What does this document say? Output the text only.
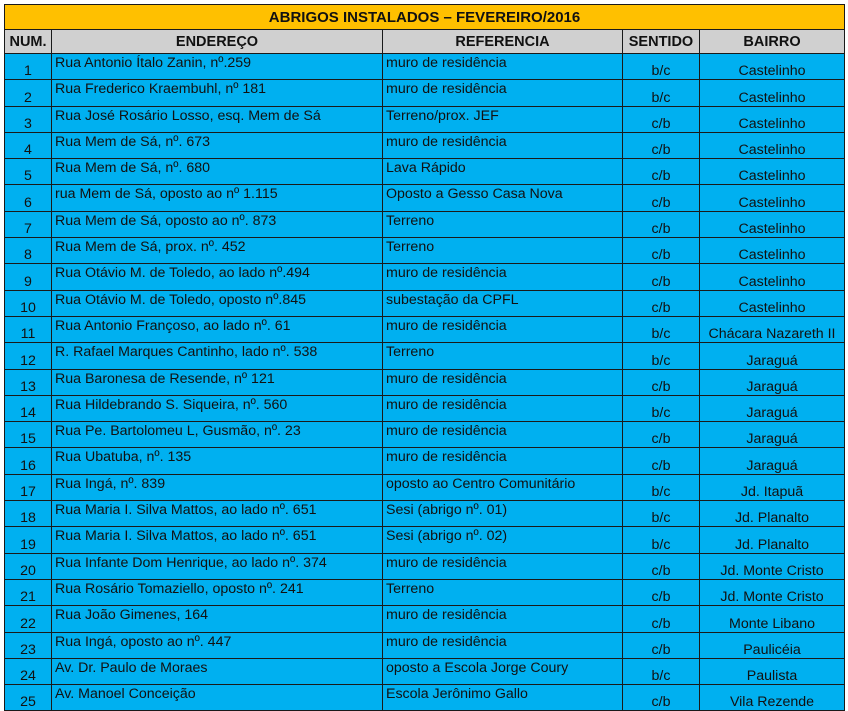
ABRIGOS INSTALADOS – FEVEREIRO/2016				
NUM.	ENDEREÇO	REFERENCIA	SENTIDO	BAIRRO
1	Rua Antonio Ítalo Zanin, nº.259	muro de residência	b/c	Castelinho
2	Rua Frederico Kraembuhl, nº 181	muro de residência	b/c	Castelinho
3	Rua José Rosário Losso, esq. Mem de Sá	Terreno/prox. JEF	c/b	Castelinho
4	Rua Mem de Sá, nº. 673	muro de residência	c/b	Castelinho
5	Rua Mem de Sá, nº. 680	Lava Rápido	c/b	Castelinho
6	rua Mem de Sá, oposto ao nº 1.115	Oposto a Gesso Casa Nova	c/b	Castelinho
7	Rua Mem de Sá, oposto ao nº. 873	Terreno	c/b	Castelinho
8	Rua Mem de Sá, prox. nº. 452	Terreno	c/b	Castelinho
9	Rua Otávio M. de Toledo, ao lado nº.494	muro de residência	c/b	Castelinho
10	Rua Otávio M. de Toledo, oposto nº.845	subestação da CPFL	c/b	Castelinho
11	Rua Antonio Françoso, ao lado nº. 61	muro de residência	b/c	Chácara Nazareth II
12	R. Rafael Marques Cantinho, lado nº. 538	Terreno	b/c	Jaraguá
13	Rua Baronesa de Resende, nº 121	muro de residência	c/b	Jaraguá
14	Rua Hildebrando S. Siqueira, nº. 560	muro de residência	b/c	Jaraguá
15	Rua Pe. Bartolomeu L, Gusmão, nº. 23	muro de residência	c/b	Jaraguá
16	Rua Ubatuba, nº. 135	muro de residência	c/b	Jaraguá
17	Rua Ingá, nº. 839	oposto ao Centro Comunitário	b/c	Jd. Itapuã
18	Rua Maria I. Silva Mattos, ao lado nº. 651	Sesi (abrigo nº. 01)	b/c	Jd. Planalto
19	Rua Maria I. Silva Mattos, ao lado nº. 651	Sesi (abrigo nº. 02)	b/c	Jd. Planalto
20	Rua Infante Dom Henrique, ao lado nº. 374	muro de residência	c/b	Jd. Monte Cristo
21	Rua Rosário Tomaziello, oposto nº. 241	Terreno	c/b	Jd. Monte Cristo
22	Rua João Gimenes, 164	muro de residência	c/b	Monte Libano
23	Rua Ingá, oposto ao nº. 447	muro de residência	c/b	Paulicéia
24	Av. Dr. Paulo de Moraes	oposto a Escola Jorge Coury	b/c	Paulista
25	Av. Manoel Conceição	Escola Jerônimo Gallo	c/b	Vila Rezende
